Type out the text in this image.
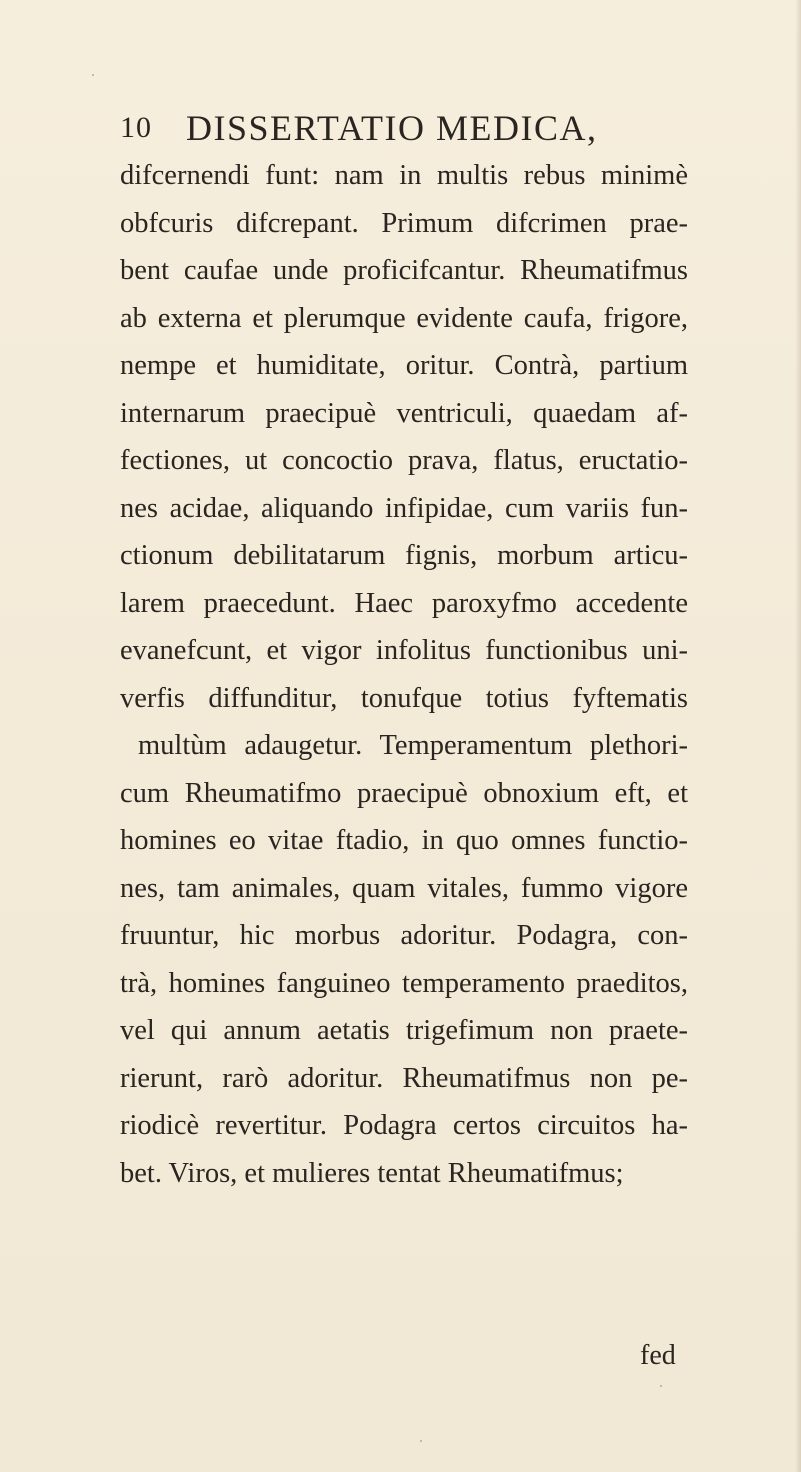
10 DISSERTATIO MEDICA,
difcernendi funt: nam in multis rebus minimè
obfcuris difcrepant. Primum difcrimen prae-
bent caufae unde proficifcantur. Rheumatifmus
ab externa et plerumque evidente caufa, frigore,
nempe et humiditate, oritur. Contrà, partium
internarum praecipuè ventriculi, quaedam af-
fectiones, ut concoctio prava, flatus, eructatio-
nes acidae, aliquando infipidae, cum variis fun-
ctionum debilitatarum fignis, morbum articu-
larem praecedunt. Haec paroxyfmo accedente
evanefcunt, et vigor infolitus functionibus uni-
verfis diffunditur, tonufque totius fyftematis
multùm adaugetur. Temperamentum plethori-
cum Rheumatifmo praecipuè obnoxium eft, et
homines eo vitae ftadio, in quo omnes functio-
nes, tam animales, quam vitales, fummo vigore
fruuntur, hic morbus adoritur. Podagra, con-
trà, homines fanguineo temperamento praeditos,
vel qui annum aetatis trigefimum non praete-
rierunt, rarò adoritur. Rheumatifmus non pe-
riodicè revertitur. Podagra certos circuitos ha-
bet. Viros, et mulieres tentat Rheumatifmus;
fed
